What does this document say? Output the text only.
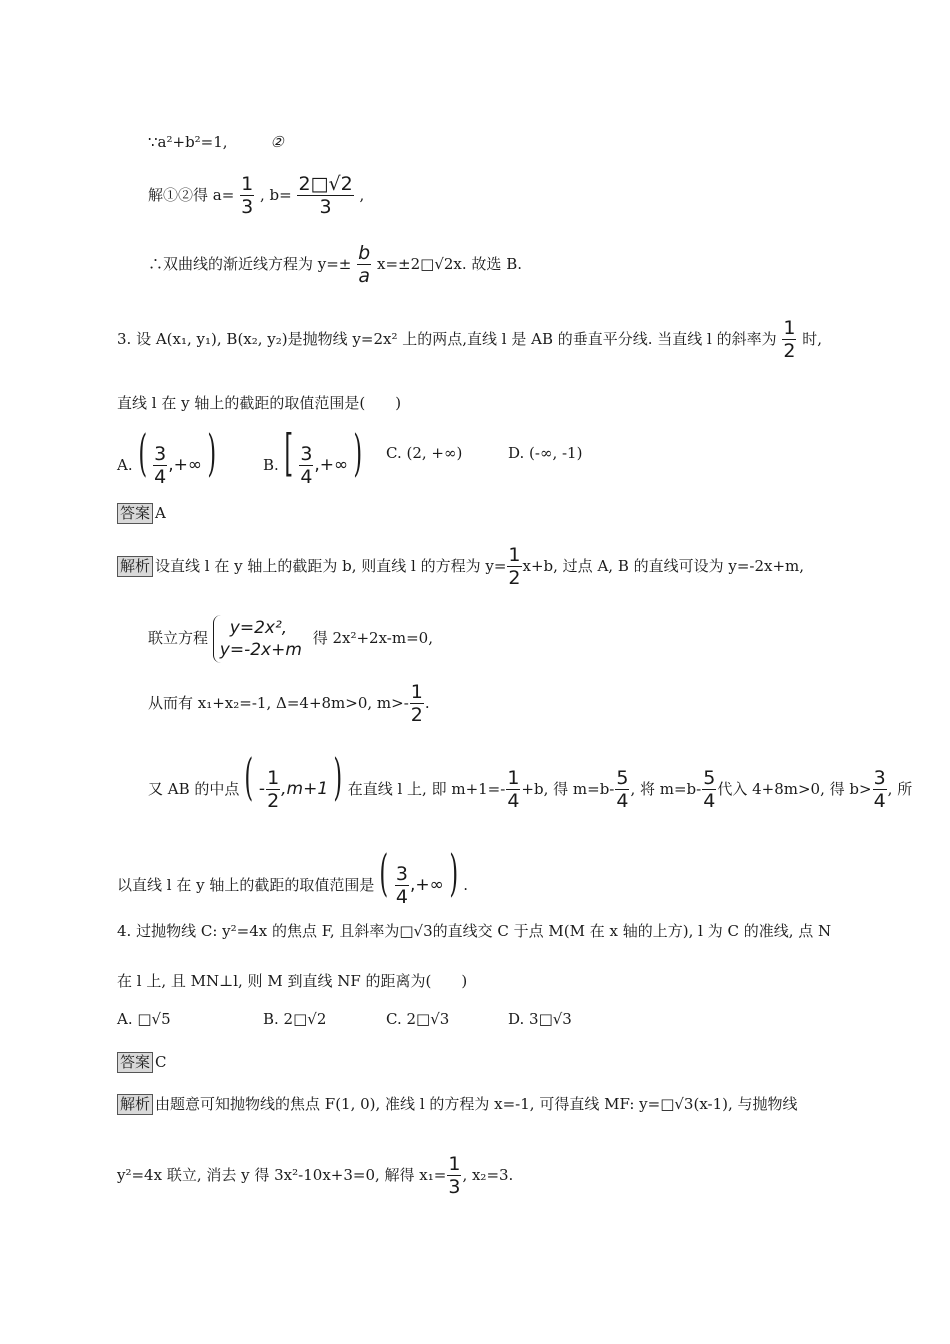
∵a²+b²=1,	②
解①②得 $a= \frac{1}{3}$ , $b= \frac{2□√2}{3}$ ,
∴双曲线的渐近线方程为 $y=\pm \frac{b}{a}$ x=±2□√2x. 故选 B.
3. 设 A(x₁, y₁), B(x₂, y₂)是抛物线 y=2x² 上的两点,直线 l 是 AB 的垂直平分线. 当直线 l 的斜率为 $\frac{1}{2}$ 时,
直线 l 在 y 轴上的截距的取值范围是(　　)
A. ( $\frac{3}{4}$ ,+∞ )	B. [ $\frac{3}{4}$ ,+∞ )	C. (2, +∞)	D. (-∞, -1)
答案 A
解析 设直线 l 在 y 轴上的截距为 b, 则直线 l 的方程为 $y= \frac{1}{2} x+b$, 过点 A, B 的直线可设为 y=-2x+m,
联立方程	y=2x²,
y=-2x+m
得 2x²+2x-m=0,
从而有 x₁+x₂=-1, Δ=4+8m>0, $m>- \frac{1}{2}$ .
又 AB 的中点 ( - $\frac{1}{2} ,m+1$ ) 在直线 l 上, 即 $m+1=- \frac{1}{4} +b$, 得 $m=b- \frac{5}{4}$ , 将 $m=b- \frac{5}{4}$ 代入 4+8m>0, 得 $b> \frac{3}{4}$ , 所
以直线 l 在 y 轴上的截距的取值范围是 ( $\frac{3}{4}$ ,+∞ ) .
4. 过抛物线 C: y²=4x 的焦点 F, 且斜率为□√3的直线交 C 于点 M(M 在 x 轴的上方), l 为 C 的准线, 点 N
在 l 上, 且 MN⊥l, 则 M 到直线 NF 的距离为(　　)
A. □√5	B. 2□√2	C. 2□√3	D. 3□√3
答案 C
解析 由题意可知抛物线的焦点 F(1, 0), 准线 l 的方程为 x=-1, 可得直线 MF: y=□√3(x-1), 与抛物线
y²=4x 联立, 消去 y 得 3x²-10x+3=0, 解得 $x_1= \frac{1}{3}$ , x₂=3.
